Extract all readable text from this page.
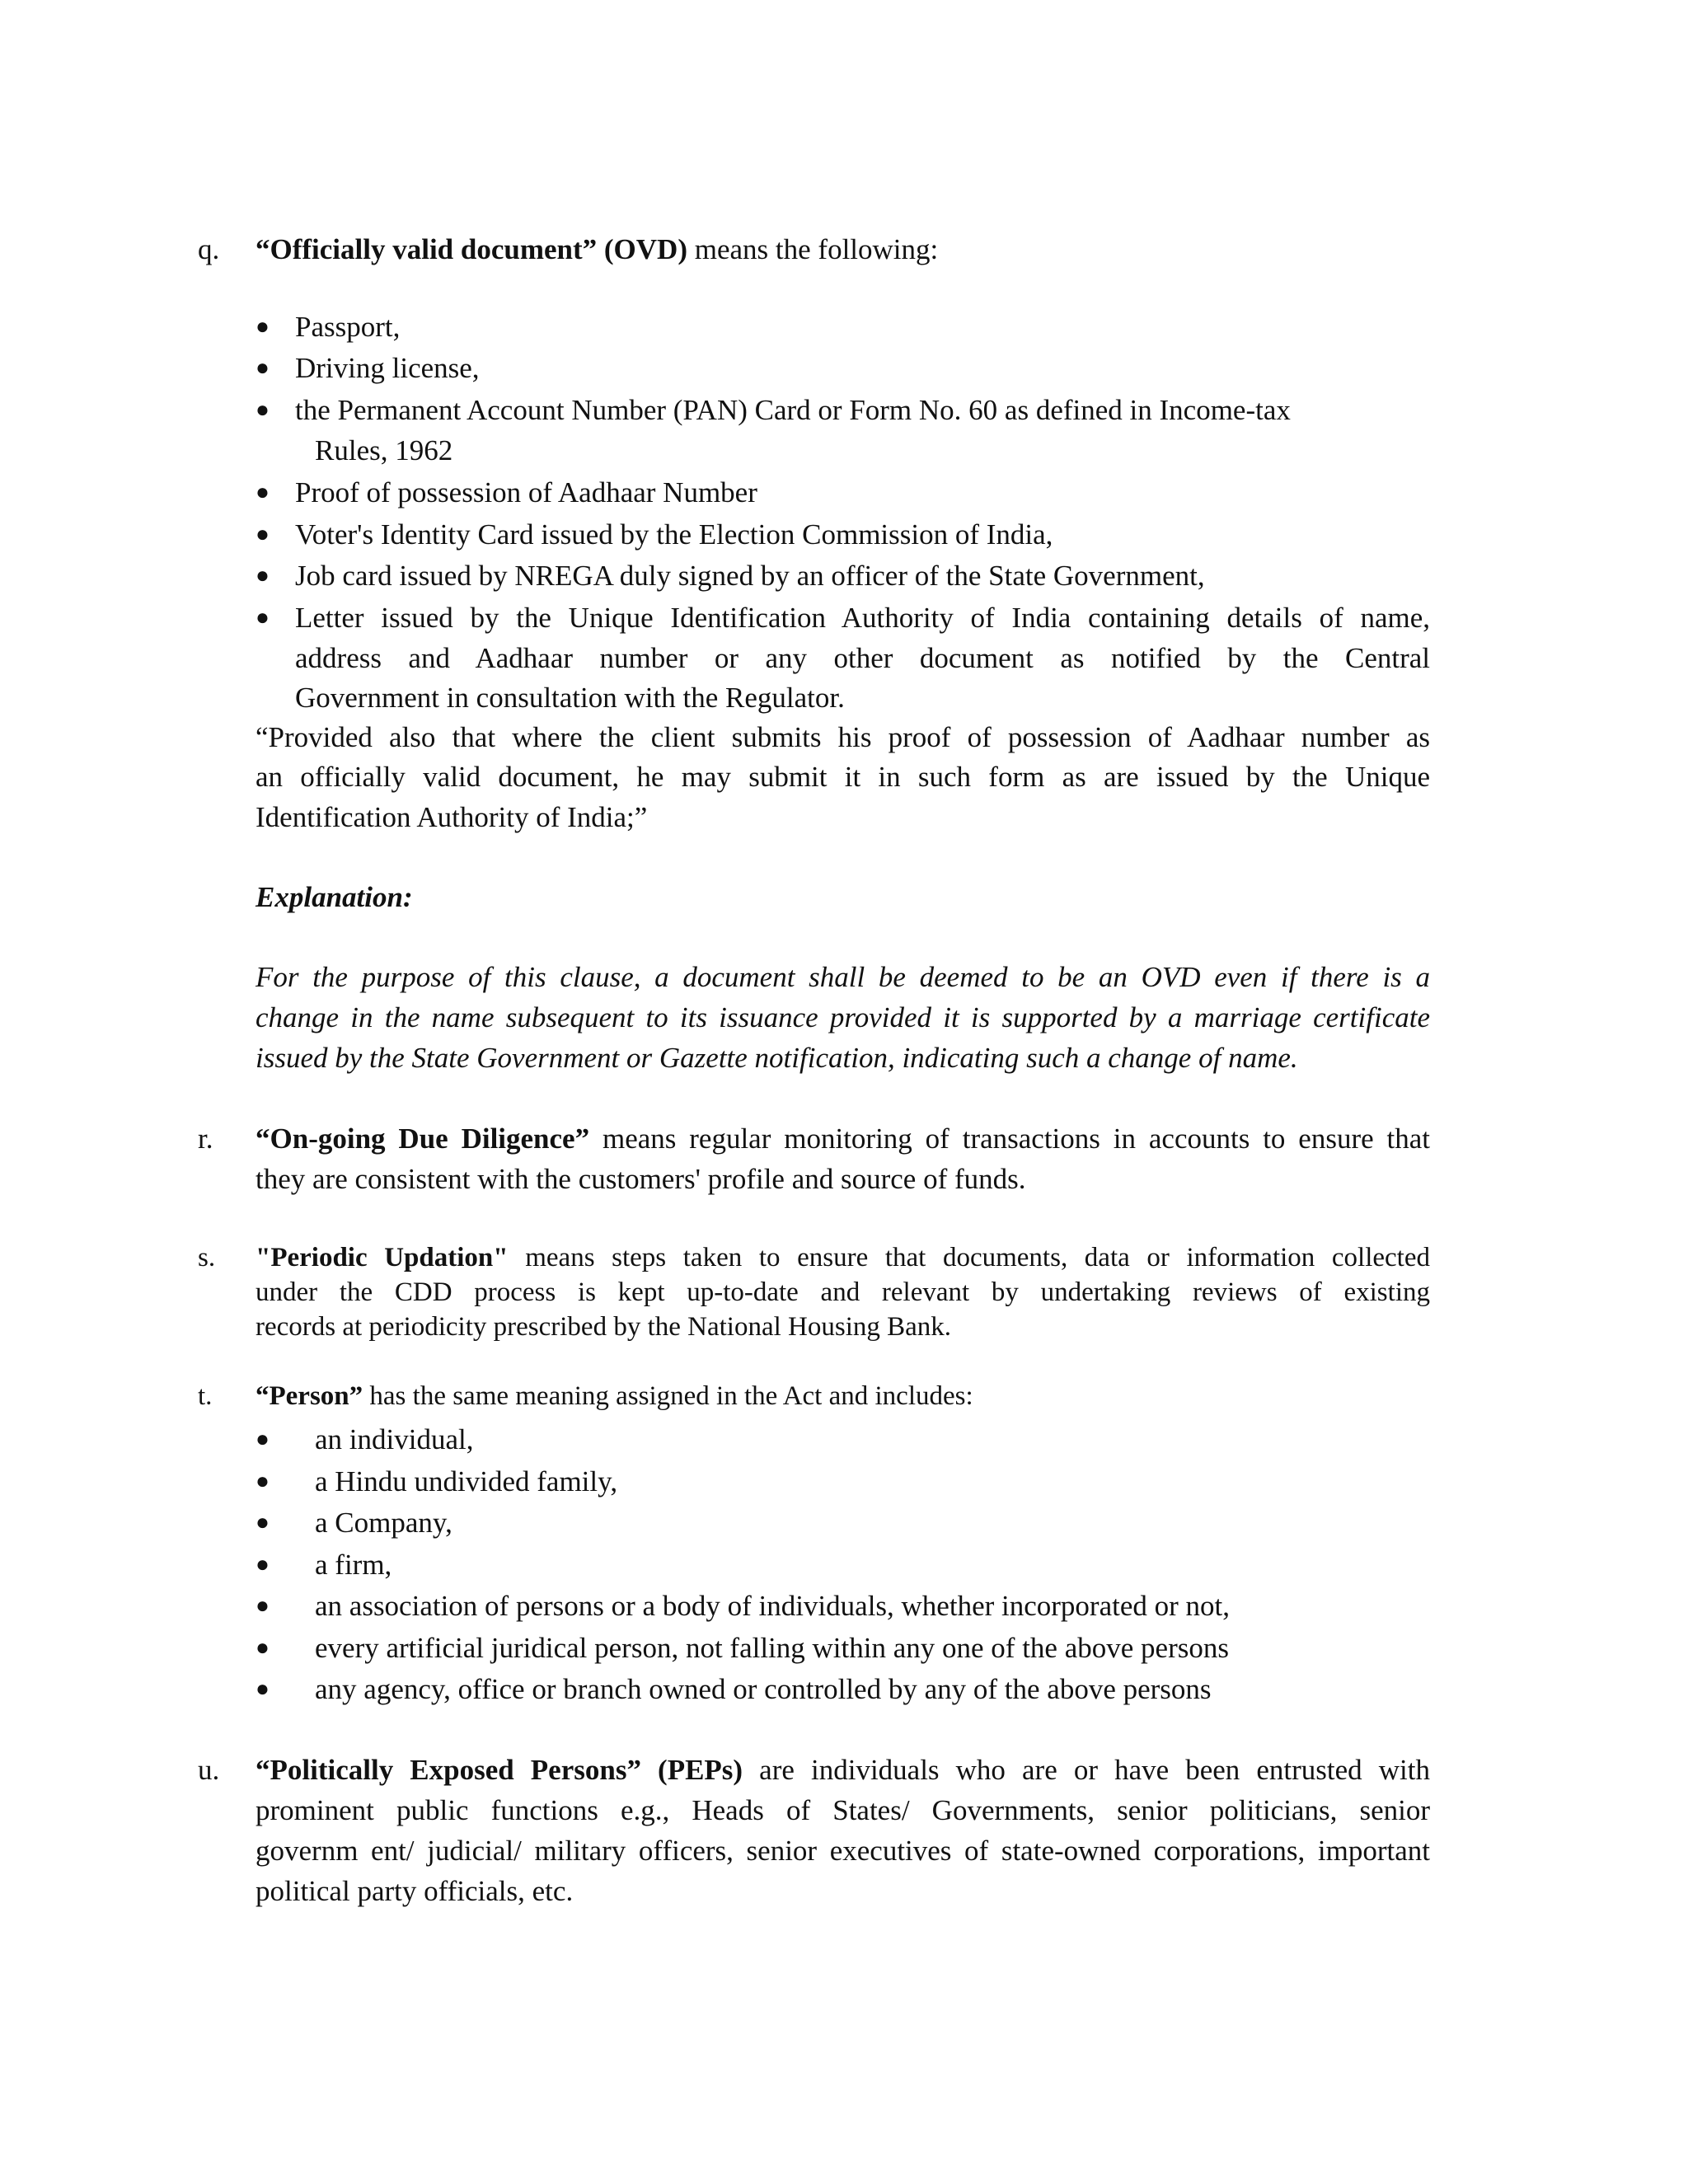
q. “Officially valid document” (OVD) means the following:
● Passport,
● Driving license,
● the Permanent Account Number (PAN) Card or Form No. 60 as defined in Income-tax
Rules, 1962
● Proof of possession of Aadhaar Number
● Voter's Identity Card issued by the Election Commission of India,
● Job card issued by NREGA duly signed by an officer of the State Government,
● Letter issued by the Unique Identification Authority of India containing details of name,
address and Aadhaar number or any other document as notified by the Central
Government in consultation with the Regulator.
“Provided also that where the client submits his proof of possession of Aadhaar number as
an officially valid document, he may submit it in such form as are issued by the Unique
Identification Authority of India;”
Explanation:
For the purpose of this clause, a document shall be deemed to be an OVD even if there is a
change in the name subsequent to its issuance provided it is supported by a marriage certificate
issued by the State Government or Gazette notification, indicating such a change of name.
r. “On-going Due Diligence” means regular monitoring of transactions in accounts to ensure that
they are consistent with the customers' profile and source of funds.
s. "Periodic Updation" means steps taken to ensure that documents, data or information collected
under the CDD process is kept up-to-date and relevant by undertaking reviews of existing
records at periodicity prescribed by the National Housing Bank.
t. “Person” has the same meaning assigned in the Act and includes:
● an individual,
● a Hindu undivided family,
● a Company,
● a firm,
● an association of persons or a body of individuals, whether incorporated or not,
● every artificial juridical person, not falling within any one of the above persons
● any agency, office or branch owned or controlled by any of the above persons
u. “Politically Exposed Persons” (PEPs) are individuals who are or have been entrusted with
prominent public functions e.g., Heads of States/ Governments, senior politicians, senior
governm ent/ judicial/ military officers, senior executives of state-owned corporations, important
political party officials, etc.
